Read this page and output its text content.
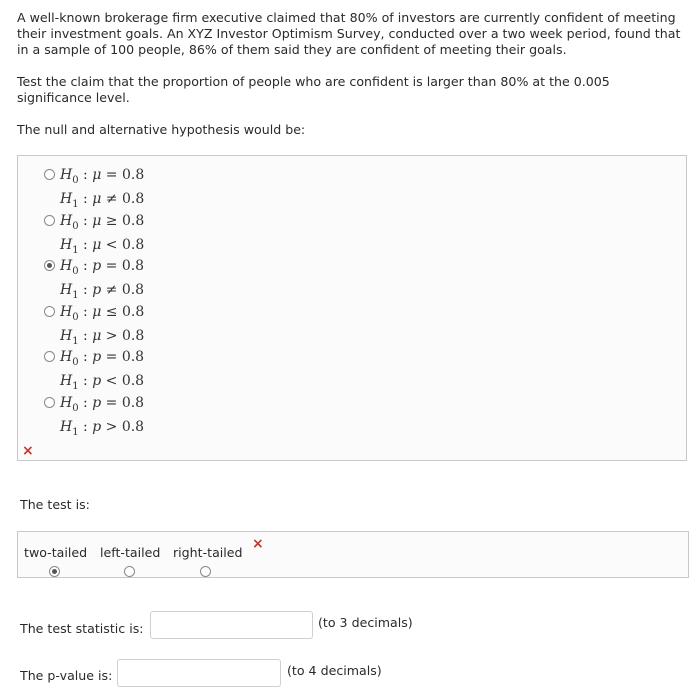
A well-known brokerage firm executive claimed that 80% of investors are currently confident of meeting their investment goals. An XYZ Investor Optimism Survey, conducted over a two week period, found that in a sample of 100 people, 86% of them said they are confident of meeting their goals.
Test the claim that the proportion of people who are confident is larger than 80% at the 0.005 significance level.
The null and alternative hypothesis would be:
$H_0$ : μ = 0.8
$H_1$ : μ ≠ 0.8
$H_0$ : μ ≥ 0.8
$H_1$ : μ < 0.8
$H_0$ : p = 0.8
$H_1$ : p ≠ 0.8
$H_0$ : μ ≤ 0.8
$H_1$ : μ > 0.8
$H_0$ : p = 0.8
$H_1$ : p < 0.8
$H_0$ : p = 0.8
$H_1$ : p > 0.8
×
The test is:
two-tailed left-tailed right-tailed
×
The test statistic is:	(to 3 decimals)
The p-value is:	(to 4 decimals)
